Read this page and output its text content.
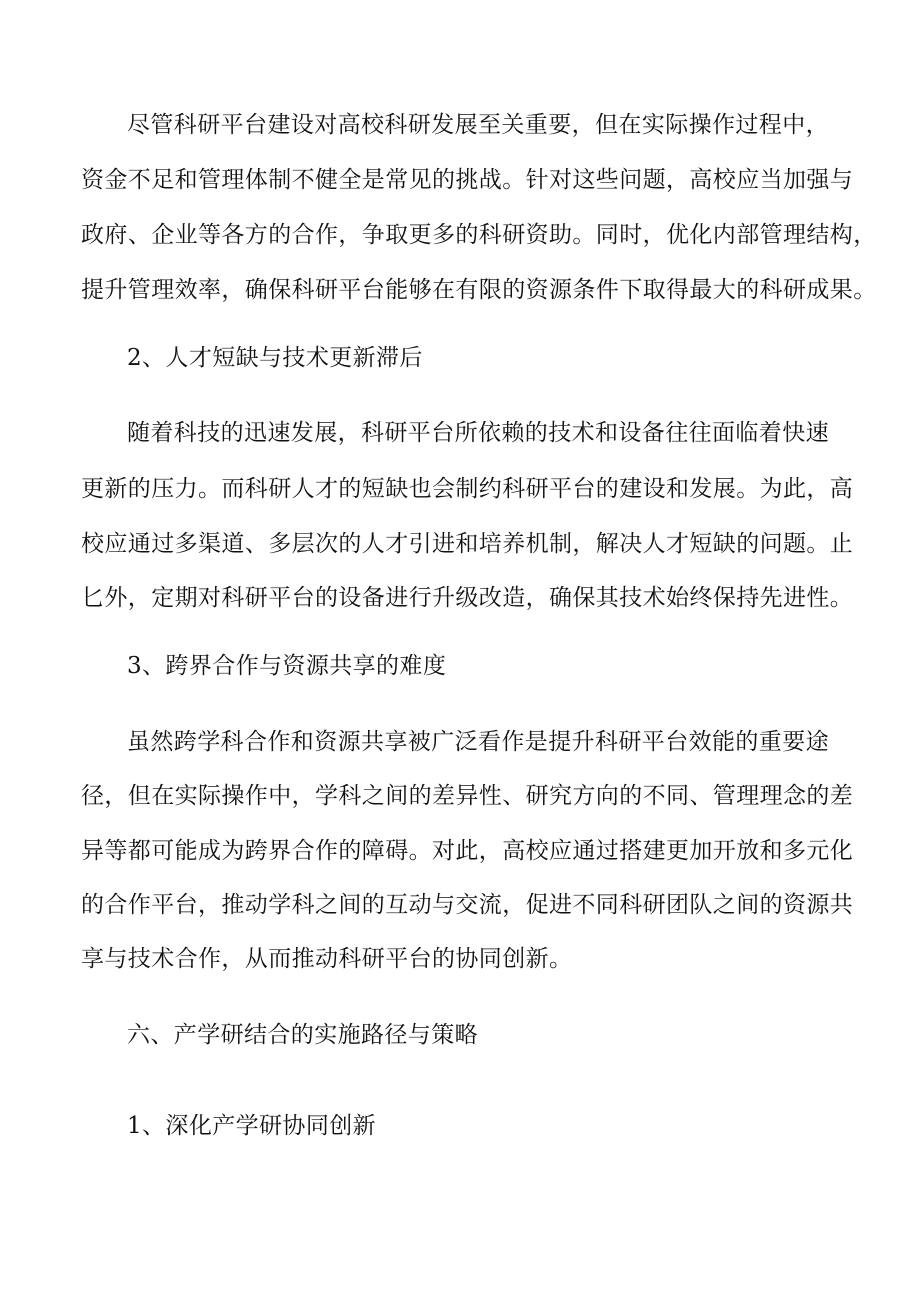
尽管科研平台建设对高校科研发展至关重要，但在实际操作过程中，
资金不足和管理体制不健全是常见的挑战。针对这些问题，高校应当加强与
政府、企业等各方的合作，争取更多的科研资助。同时，优化内部管理结构，
提升管理效率，确保科研平台能够在有限的资源条件下取得最大的科研成果。
2、人才短缺与技术更新滞后
随着科技的迅速发展，科研平台所依赖的技术和设备往往面临着快速
更新的压力。而科研人才的短缺也会制约科研平台的建设和发展。为此，高
校应通过多渠道、多层次的人才引进和培养机制，解决人才短缺的问题。止
匕外，定期对科研平台的设备进行升级改造，确保其技术始终保持先进性。
3、跨界合作与资源共享的难度
虽然跨学科合作和资源共享被广泛看作是提升科研平台效能的重要途
径，但在实际操作中，学科之间的差异性、研究方向的不同、管理理念的差
异等都可能成为跨界合作的障碍。对此，高校应通过搭建更加开放和多元化
的合作平台，推动学科之间的互动与交流，促进不同科研团队之间的资源共
享与技术合作，从而推动科研平台的协同创新。
六、产学研结合的实施路径与策略
1、深化产学研协同创新
